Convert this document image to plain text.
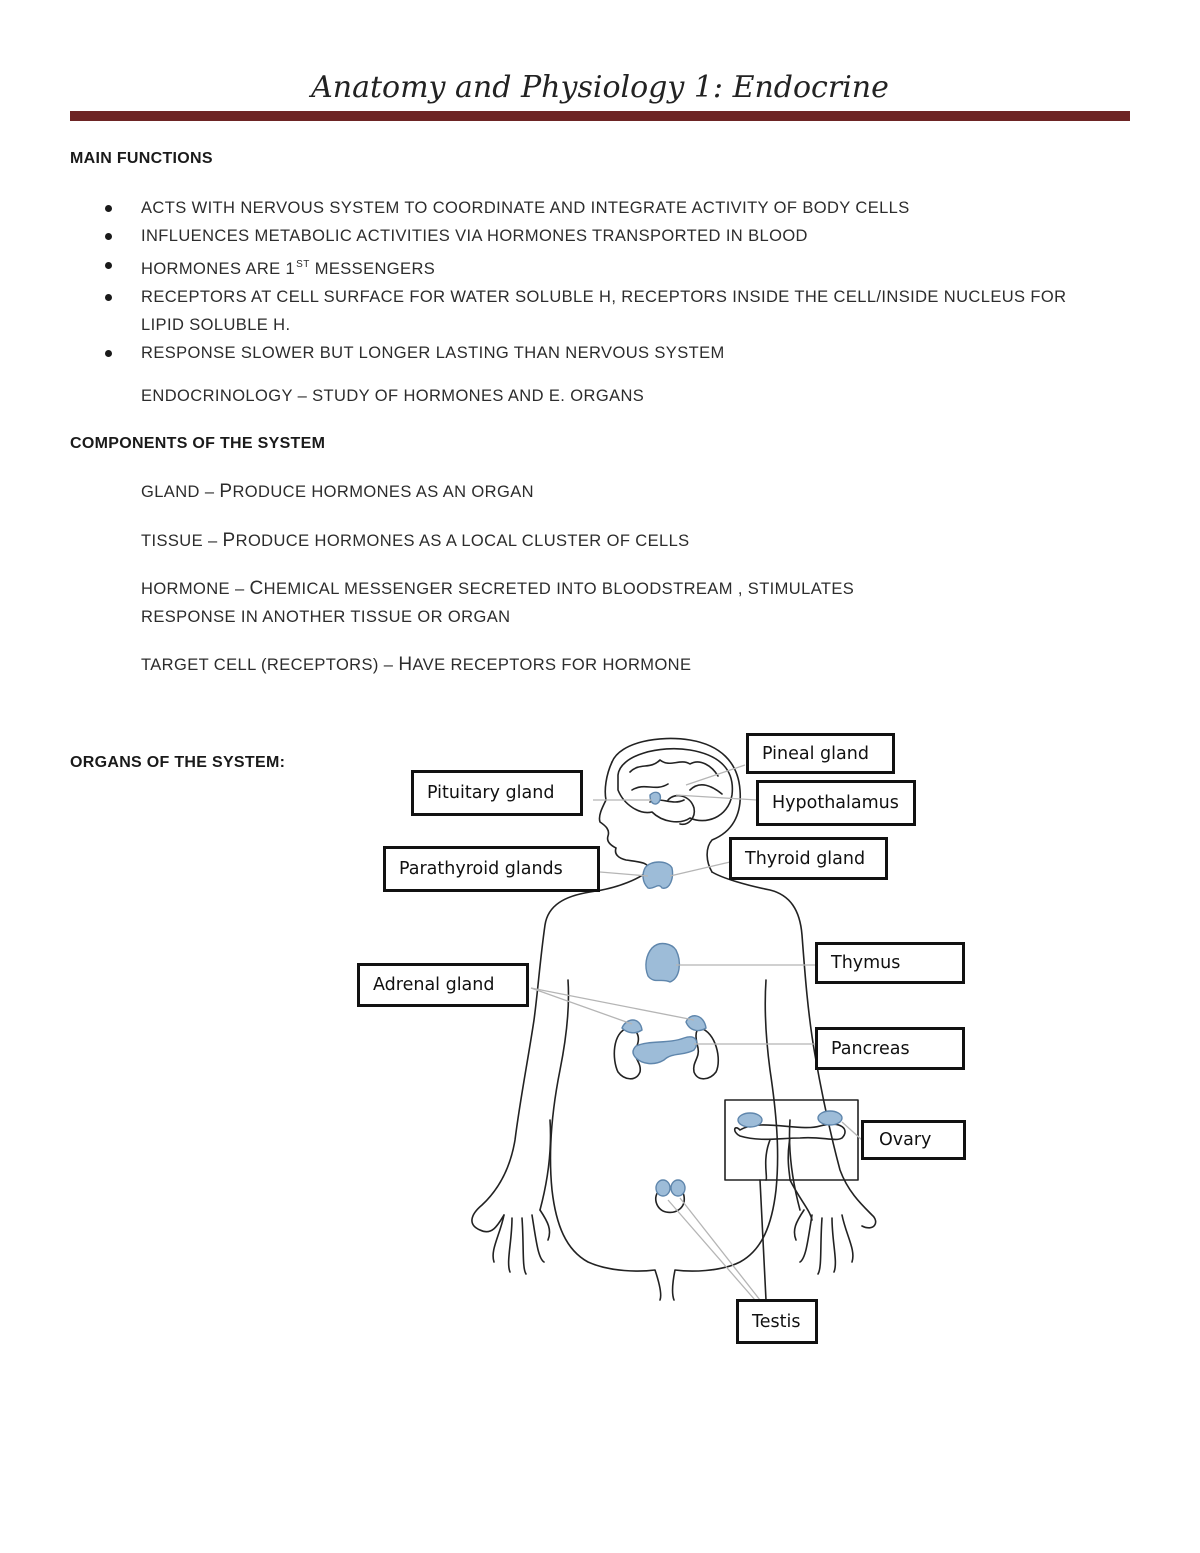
Anatomy and Physiology 1: Endocrine
MAIN FUNCTIONS
ACTS WITH NERVOUS SYSTEM TO COORDINATE AND INTEGRATE ACTIVITY OF BODY CELLS
INFLUENCES METABOLIC ACTIVITIES VIA HORMONES TRANSPORTED IN BLOOD
HORMONES ARE 1ST MESSENGERS
RECEPTORS AT CELL SURFACE FOR WATER SOLUBLE H, RECEPTORS INSIDE THE CELL/INSIDE NUCLEUS FOR LIPID SOLUBLE H.
RESPONSE SLOWER BUT LONGER LASTING THAN NERVOUS SYSTEM
ENDOCRINOLOGY – STUDY OF HORMONES AND E. ORGANS
COMPONENTS OF THE SYSTEM
GLAND – PRODUCE HORMONES AS AN ORGAN
TISSUE – PRODUCE HORMONES AS A LOCAL CLUSTER OF CELLS
HORMONE – CHEMICAL MESSENGER SECRETED INTO BLOODSTREAM , STIMULATES
RESPONSE IN ANOTHER TISSUE OR ORGAN
TARGET CELL (RECEPTORS) – HAVE RECEPTORS FOR HORMONE
ORGANS OF THE SYSTEM:	Pineal gland
Pituitary gland	Hypothalamus
Parathyroid glands
Thyroid gland
Thymus
Adrenal gland
Pancreas
Ovary
Testis
